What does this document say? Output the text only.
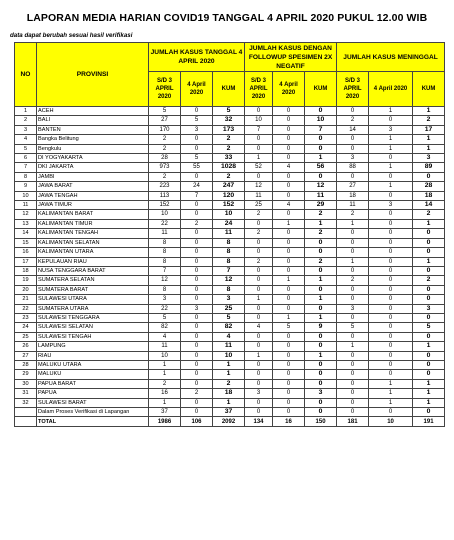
LAPORAN MEDIA HARIAN COVID19 TANGGAL 4 APRIL 2020 PUKUL 12.00 WIB
data dapat berubah sesuai hasil verifikasi
NO	PROVINSI	JUMLAH KASUS TANGGAL 4 APRIL 2020			JUMLAH KASUS DENGAN FOLLOWUP SPESIMEN 2X NEGATIF			JUMLAH KASUS MENINGGAL		
		S/D 3 APRIL 2020	4 April 2020	KUM	S/D 3 APRIL 2020	4 April 2020	KUM	S/D 3 APRIL 2020	4 April 2020	KUM
1	ACEH	5	0	5	0	0	0	0	1	1
2	BALI	27	5	32	10	0	10	2	0	2
3	BANTEN	170	3	173	7	0	7	14	3	17
4	Bangka Belitung	2	0	2	0	0	0	0	1	1
5	Bengkulu	2	0	2	0	0	0	0	1	1
6	DI YOGYAKARTA	28	5	33	1	0	1	3	0	3
7	DKI JAKARTA	973	55	1028	52	4	56	88	1	89
8	JAMBI	2	0	2	0	0	0	0	0	0
9	JAWA BARAT	223	24	247	12	0	12	27	1	28
10	JAWA TENGAH	113	7	120	11	0	11	18	0	18
11	JAWA TIMUR	152	0	152	25	4	29	11	3	14
12	KALIMANTAN BARAT	10	0	10	2	0	2	2	0	2
13	KALIMANTAN TIMUR	22	2	24	0	1	1	1	0	1
14	KALIMANTAN TENGAH	11	0	11	2	0	2	0	0	0
15	KALIMANTAN SELATAN	8	0	8	0	0	0	0	0	0
16	KALIMANTAN UTARA	8	0	8	0	0	0	0	0	0
17	KEPULAUAN RIAU	8	0	8	2	0	2	1	0	1
18	NUSA TENGGARA BARAT	7	0	7	0	0	0	0	0	0
19	SUMATERA SELATAN	12	0	12	0	1	1	2	0	2
20	SUMATERA BARAT	8	0	8	0	0	0	0	0	0
21	SULAWESI UTARA	3	0	3	1	0	1	0	0	0
22	SUMATERA UTARA	22	3	25	0	0	0	3	0	3
23	SULAWESI TENGGARA	5	0	5	0	1	1	0	0	0
24	SULAWESI SELATAN	82	0	82	4	5	9	5	0	5
25	SULAWESI TENGAH	4	0	4	0	0	0	0	0	0
26	LAMPUNG	11	0	11	0	0	0	1	0	1
27	RIAU	10	0	10	1	0	1	0	0	0
28	MALUKU UTARA	1	0	1	0	0	0	0	0	0
29	MALUKU	1	0	1	0	0	0	0	0	0
30	PAPUA BARAT	2	0	2	0	0	0	0	1	1
31	PAPUA	16	2	18	3	0	3	0	1	1
32	SULAWESI BARAT	1	0	1	0	0	0	0	1	1
	Dalam Proses Verifikasi di Lapangan	37	0	37	0	0	0	0	0	0
	TOTAL	1986	106	2092	134	16	150	181	10	191
